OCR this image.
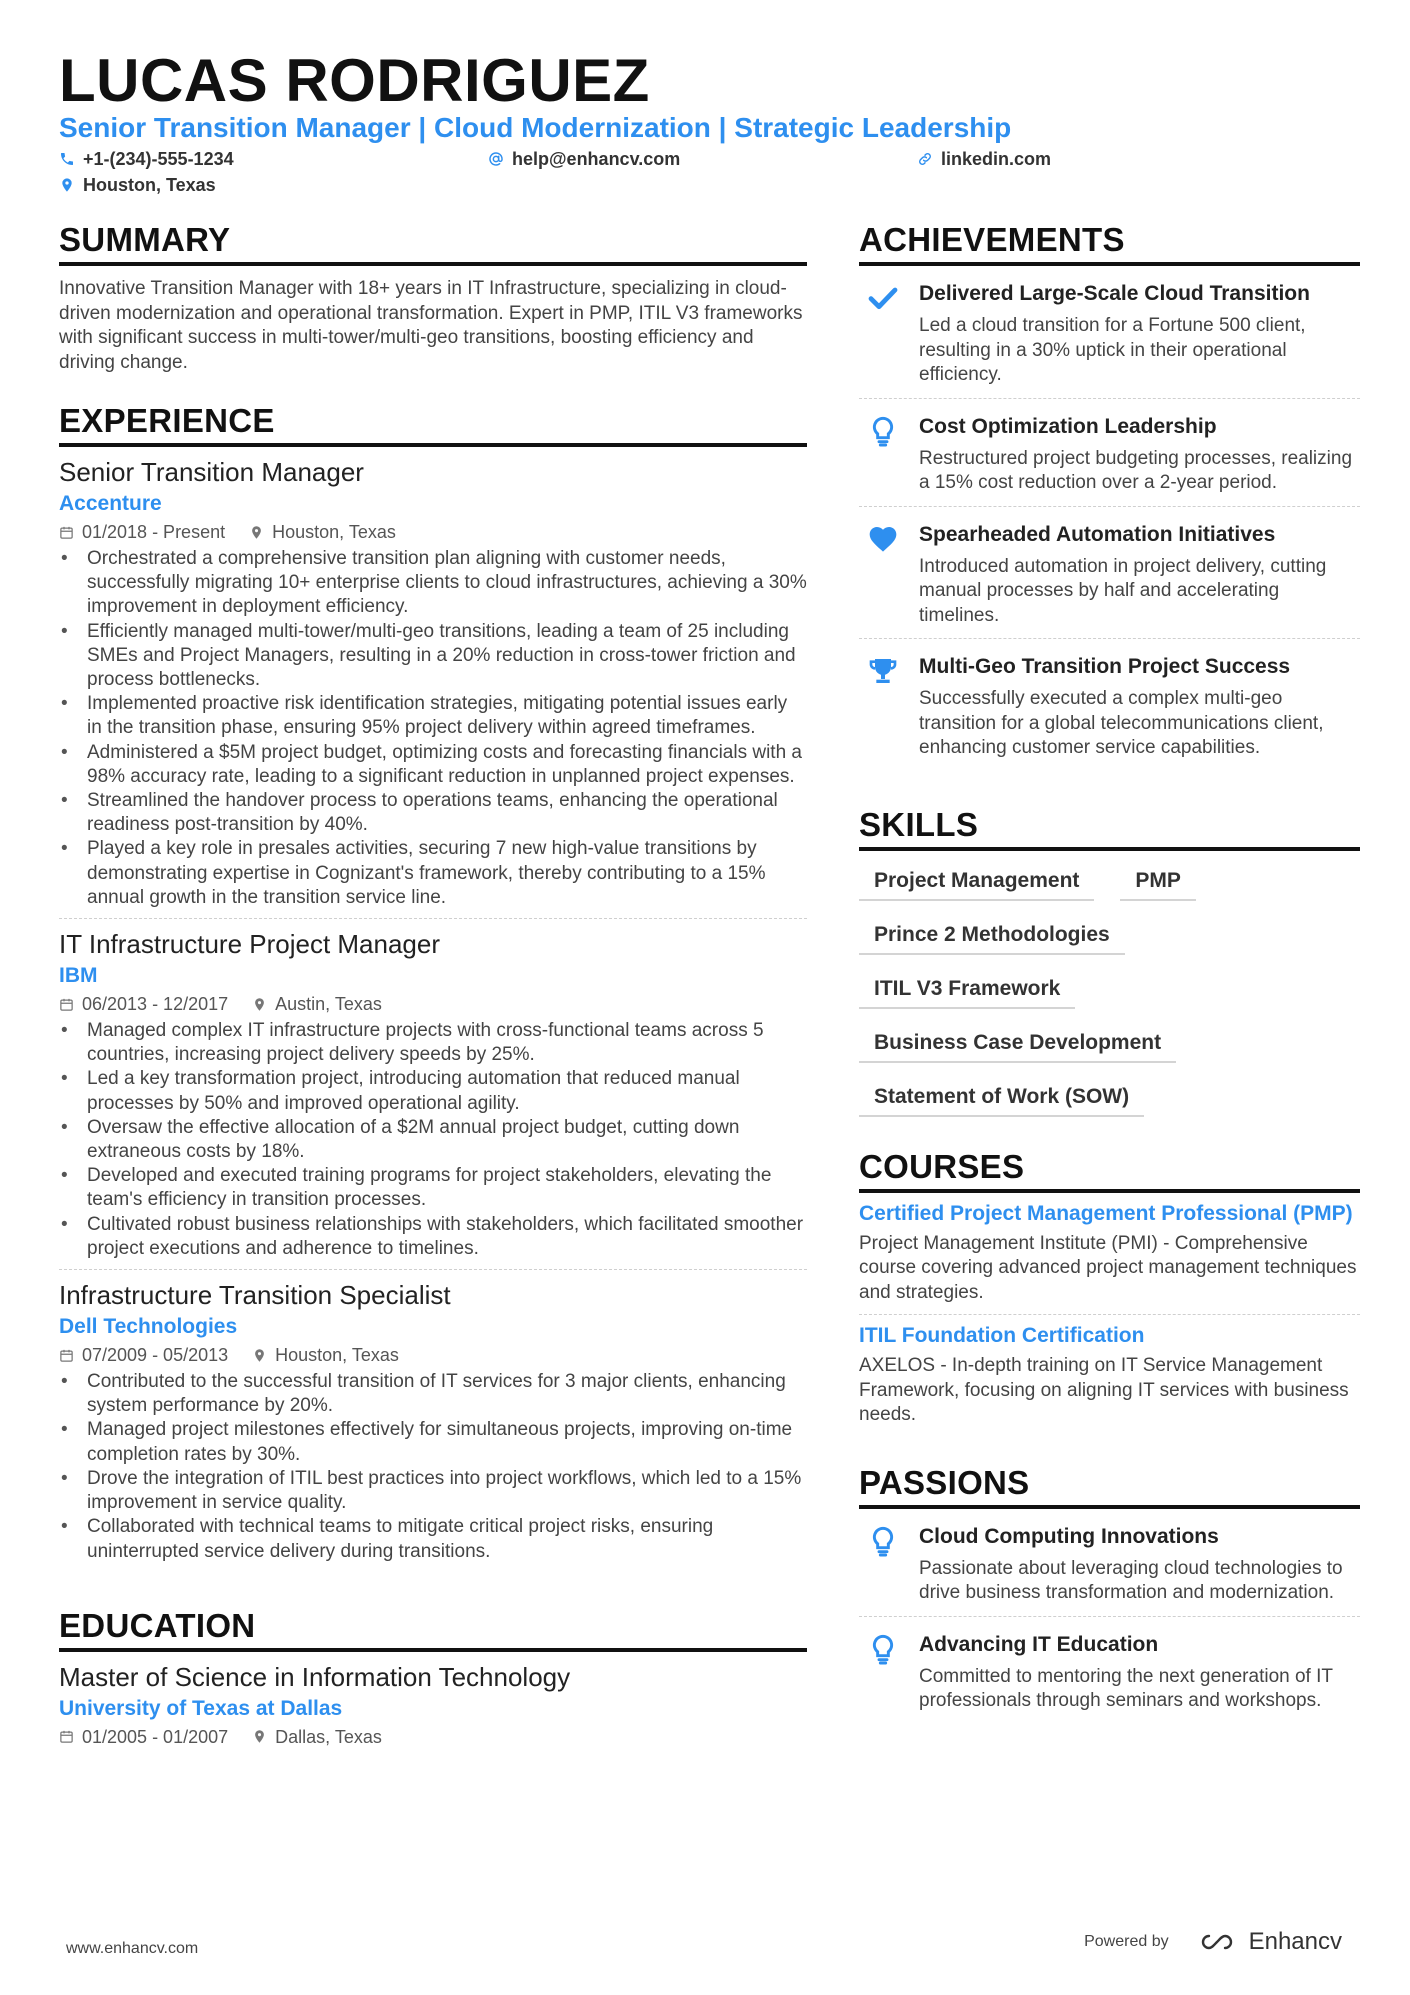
LUCAS RODRIGUEZ
Senior Transition Manager | Cloud Modernization | Strategic Leadership
+1-(234)-555-1234	help@enhancv.com	linkedin.com
Houston, Texas
SUMMARY
Innovative Transition Manager with 18+ years in IT Infrastructure, specializing in cloud-driven modernization and operational transformation. Expert in PMP, ITIL V3 frameworks with significant success in multi-tower/multi-geo transitions, boosting efficiency and driving change.
EXPERIENCE
Senior Transition Manager
Accenture
01/2018 - Present	Houston, Texas
• Orchestrated a comprehensive transition plan aligning with customer needs, successfully migrating 10+ enterprise clients to cloud infrastructures, achieving a 30% improvement in deployment efficiency.
• Efficiently managed multi-tower/multi-geo transitions, leading a team of 25 including SMEs and Project Managers, resulting in a 20% reduction in cross-tower friction and process bottlenecks.
• Implemented proactive risk identification strategies, mitigating potential issues early in the transition phase, ensuring 95% project delivery within agreed timeframes.
• Administered a $5M project budget, optimizing costs and forecasting financials with a 98% accuracy rate, leading to a significant reduction in unplanned project expenses.
• Streamlined the handover process to operations teams, enhancing the operational readiness post-transition by 40%.
• Played a key role in presales activities, securing 7 new high-value transitions by demonstrating expertise in Cognizant's framework, thereby contributing to a 15% annual growth in the transition service line.
IT Infrastructure Project Manager
IBM
06/2013 - 12/2017	Austin, Texas
• Managed complex IT infrastructure projects with cross-functional teams across 5 countries, increasing project delivery speeds by 25%.
• Led a key transformation project, introducing automation that reduced manual processes by 50% and improved operational agility.
• Oversaw the effective allocation of a $2M annual project budget, cutting down extraneous costs by 18%.
• Developed and executed training programs for project stakeholders, elevating the team's efficiency in transition processes.
• Cultivated robust business relationships with stakeholders, which facilitated smoother project executions and adherence to timelines.
Infrastructure Transition Specialist
Dell Technologies
07/2009 - 05/2013	Houston, Texas
• Contributed to the successful transition of IT services for 3 major clients, enhancing system performance by 20%.
• Managed project milestones effectively for simultaneous projects, improving on-time completion rates by 30%.
• Drove the integration of ITIL best practices into project workflows, which led to a 15% improvement in service quality.
• Collaborated with technical teams to mitigate critical project risks, ensuring uninterrupted service delivery during transitions.
EDUCATION
Master of Science in Information Technology
University of Texas at Dallas
01/2005 - 01/2007	Dallas, Texas
ACHIEVEMENTS
Delivered Large-Scale Cloud Transition
Led a cloud transition for a Fortune 500 client, resulting in a 30% uptick in their operational efficiency.
Cost Optimization Leadership
Restructured project budgeting processes, realizing a 15% cost reduction over a 2-year period.
Spearheaded Automation Initiatives
Introduced automation in project delivery, cutting manual processes by half and accelerating timelines.
Multi-Geo Transition Project Success
Successfully executed a complex multi-geo transition for a global telecommunications client, enhancing customer service capabilities.
SKILLS
Project Management	PMP
Prince 2 Methodologies
ITIL V3 Framework
Business Case Development
Statement of Work (SOW)
COURSES
Certified Project Management Professional (PMP)
Project Management Institute (PMI) - Comprehensive course covering advanced project management techniques and strategies.
ITIL Foundation Certification
AXELOS - In-depth training on IT Service Management Framework, focusing on aligning IT services with business needs.
PASSIONS
Cloud Computing Innovations
Passionate about leveraging cloud technologies to drive business transformation and modernization.
Advancing IT Education
Committed to mentoring the next generation of IT professionals through seminars and workshops.
www.enhancv.com	Powered by	Enhancv
